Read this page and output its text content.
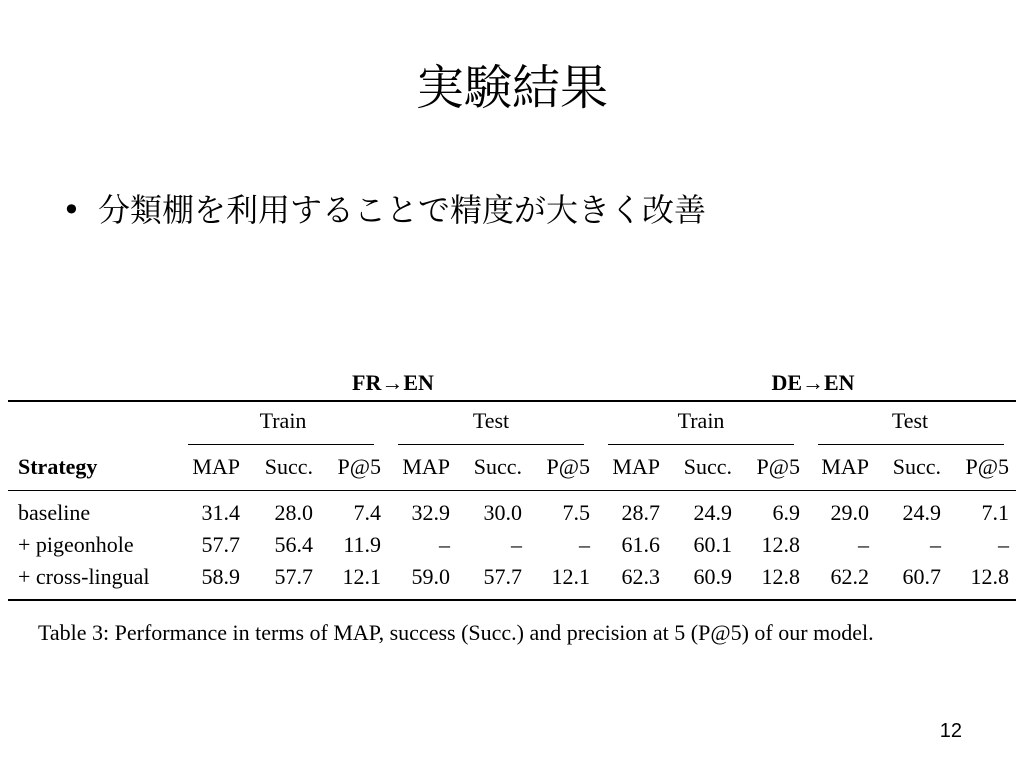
実験結果
• 分類棚を利用することで精度が大きく改善
FR→EN	DE→EN
Train	Test	Train	Test
Strategy	MAP	Succ.	P@5 MAP	Succ.	P@5	MAP	Succ.	P@5 MAP	Succ.	P@5
baseline	31.4	28.0	7.4	32.9	30.0	7.5	28.7	24.9	6.9	29.0	24.9	7.1
+ pigeonhole	57.7	56.4	11.9	–	–	–	61.6	60.1	12.8	–	–	–
+ cross-lingual	58.9	57.7	12.1	59.0	57.7	12.1	62.3	60.9	12.8	62.2	60.7	12.8
Table 3: Performance in terms of MAP, success (Succ.) and precision at 5 (P@5) of our model.
12
